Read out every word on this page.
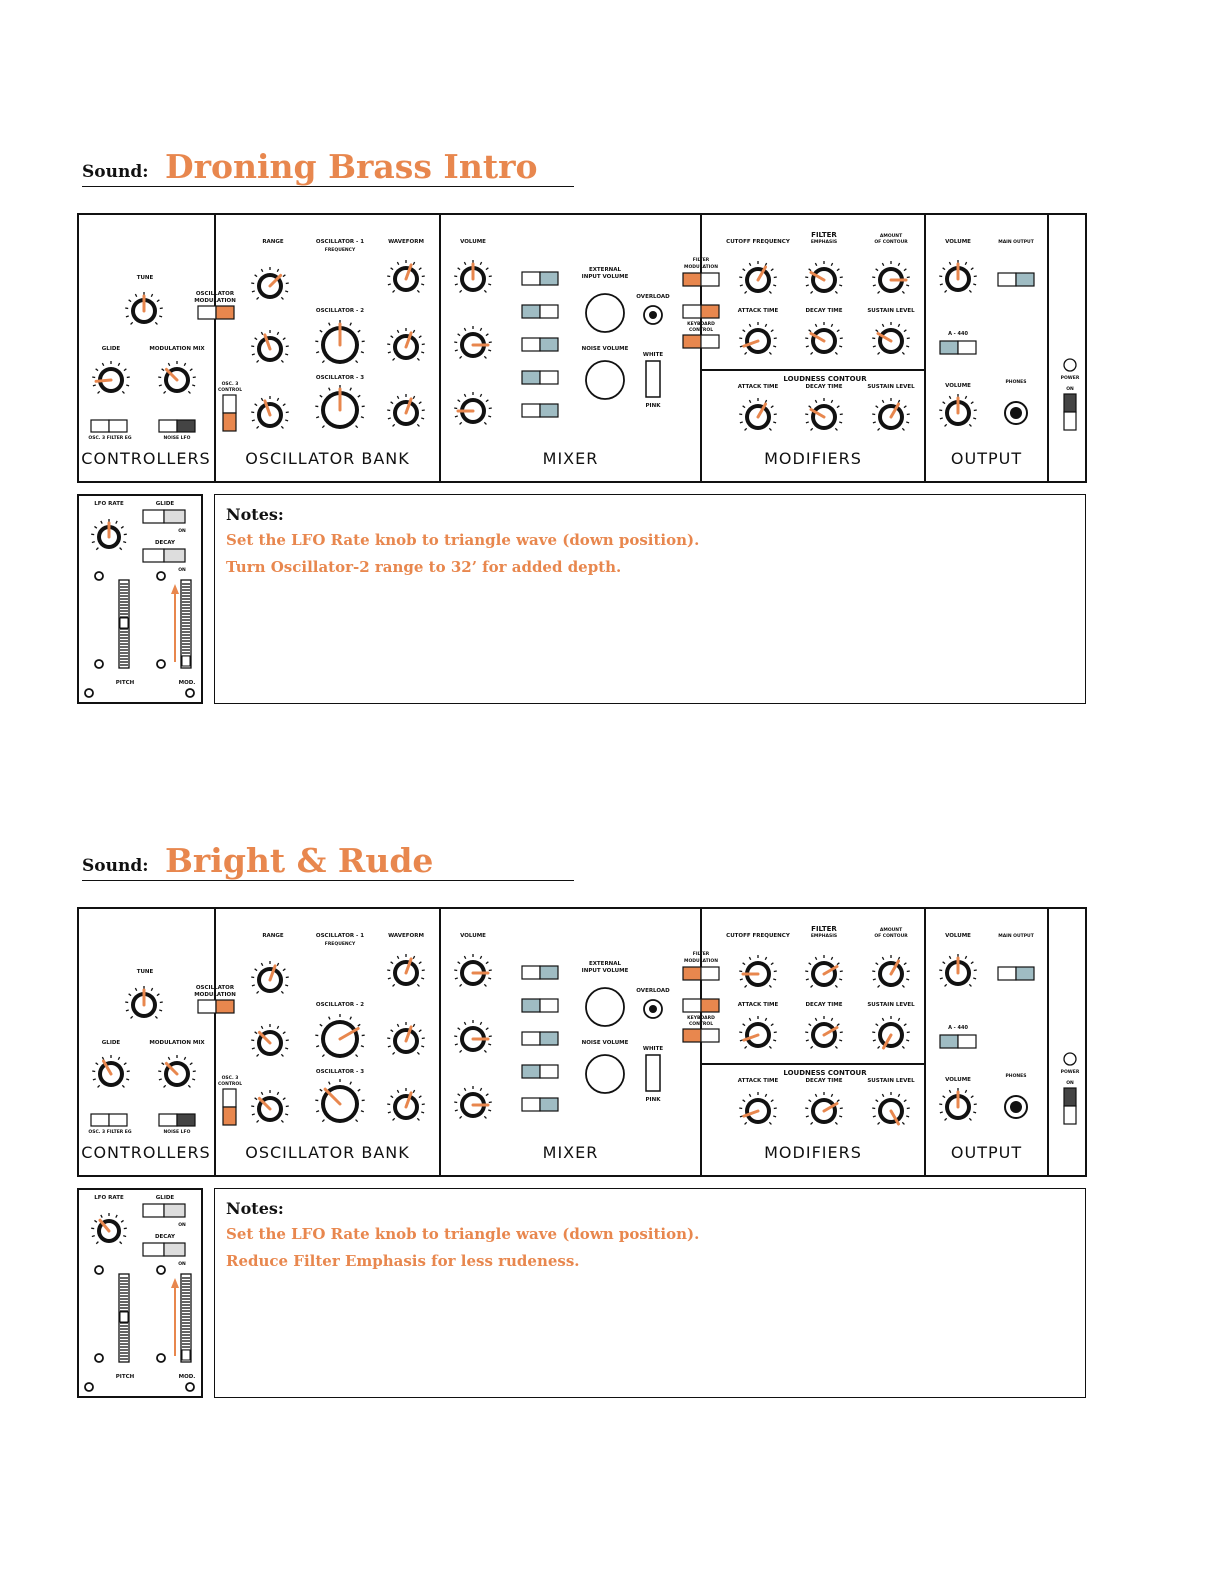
Sound: Droning Brass Intro
TUNE
GLIDE	MODULATION MIX
OSCILLATOR
MODULATION
OSC. 3 FILTER EG	NOISE LFO
RANGE	OSCILLATOR - 1
FREQUENCY
WAVEFORM
OSCILLATOR - 2
OSCILLATOR - 3
OSC. 3
CONTROL
VOLUME
EXTERNAL
INPUT VOLUME
NOISE VOLUME
OVERLOAD
WHITE
PINK
FILTER
MODULATION
KEYBOARD
CONTROL
CUTOFF FREQUENCY
FILTER
EMPHASIS
AMOUNT
OF CONTOUR
ATTACK TIME	DECAY TIME	SUSTAIN LEVEL
LOUDNESS CONTOUR
ATTACK TIME	DECAY TIME	SUSTAIN LEVEL
VOLUME	MAIN OUTPUT
A - 440
VOLUME
PHONES
POWER
ON
CONTROLLERS	OSCILLATOR BANK	MIXER	MODIFIERS	OUTPUT
LFO RATE	GLIDE
ON
DECAY
ON
PITCH	MOD.
Notes:
Set the LFO Rate knob to triangle wave (down position).
Turn Oscillator-2 range to 32’ for added depth.
Sound: Bright & Rude
TUNE
GLIDE	MODULATION MIX
OSCILLATOR
MODULATION
OSC. 3 FILTER EG	NOISE LFO
RANGE	OSCILLATOR - 1
FREQUENCY
WAVEFORM
OSCILLATOR - 2
OSCILLATOR - 3
OSC. 3
CONTROL
VOLUME
EXTERNAL
INPUT VOLUME
NOISE VOLUME
OVERLOAD
WHITE
PINK
FILTER
MODULATION
KEYBOARD
CONTROL
CUTOFF FREQUENCY
FILTER
EMPHASIS
AMOUNT
OF CONTOUR
ATTACK TIME	DECAY TIME	SUSTAIN LEVEL
LOUDNESS CONTOUR
ATTACK TIME	DECAY TIME	SUSTAIN LEVEL
VOLUME	MAIN OUTPUT
A - 440
VOLUME
PHONES
POWER
ON
CONTROLLERS	OSCILLATOR BANK	MIXER	MODIFIERS	OUTPUT
LFO RATE	GLIDE
ON
DECAY
ON
PITCH	MOD.
Notes:
Set the LFO Rate knob to triangle wave (down position).
Reduce Filter Emphasis for less rudeness.
